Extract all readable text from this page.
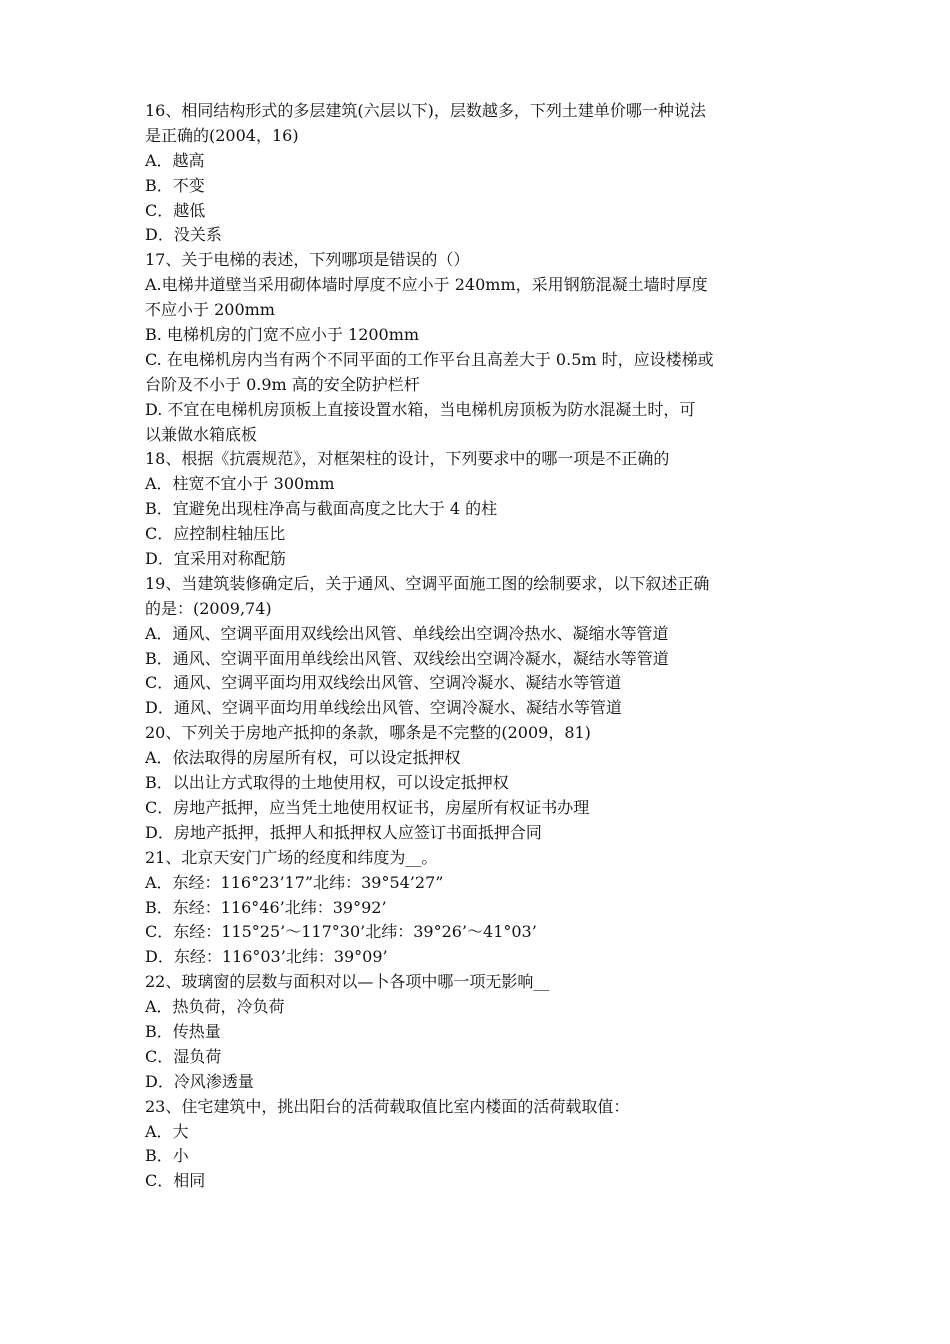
16、相同结构形式的多层建筑(六层以下)，层数越多，下列土建单价哪一种说法
是正确的(2004，16)
A．越高
B．不变
C．越低
D．没关系
17、关于电梯的表述，下列哪项是错误的（）
A.电梯井道壁当采用砌体墙时厚度不应小于 240mm，采用钢筋混凝土墙时厚度
不应小于 200mm
B. 电梯机房的门宽不应小于 1200mm
C. 在电梯机房内当有两个不同平面的工作平台且高差大于 0.5m 时，应设楼梯或
台阶及不小于 0.9m 高的安全防护栏杆
D. 不宜在电梯机房顶板上直接设置水箱，当电梯机房顶板为防水混凝土时，可
以兼做水箱底板
18、根据《抗震规范》，对框架柱的设计，下列要求中的哪一项是不正确的
A．柱宽不宜小于 300mm
B．宜避免出现柱净高与截面高度之比大于 4 的柱
C．应控制柱轴压比
D．宜采用对称配筋
19、当建筑装修确定后，关于通风、空调平面施工图的绘制要求，以下叙述正确
的是：(2009,74)
A．通风、空调平面用双线绘出风管、单线绘出空调冷热水、凝缩水等管道
B．通风、空调平面用单线绘出风管、双线绘出空调冷凝水，凝结水等管道
C．通风、空调平面均用双线绘出风管、空调冷凝水、凝结水等管道
D．通风、空调平面均用单线绘出风管、空调冷凝水、凝结水等管道
20、下列关于房地产抵抑的条款，哪条是不完整的(2009，81)
A．依法取得的房屋所有权，可以设定抵押权
B．以出让方式取得的土地使用权，可以设定抵押权
C．房地产抵押，应当凭土地使用权证书，房屋所有权证书办理
D．房地产抵押，抵押人和抵押权人应签订书面抵押合同
21、北京天安门广场的经度和纬度为__。
A．东经：116°23’17”北纬：39°54’27”
B．东经：116°46’北纬：39°92’
C．东经：115°25’～117°30’北纬：39°26’～41°03’
D．东经：116°03’北纬：39°09’
22、玻璃窗的层数与面积对以—卜各项中哪一项无影响__
A．热负荷，冷负荷
B．传热量
C．湿负荷
D．冷风渗透量
23、住宅建筑中，挑出阳台的活荷载取值比室内楼面的活荷载取值：
A．大
B．小
C．相同
